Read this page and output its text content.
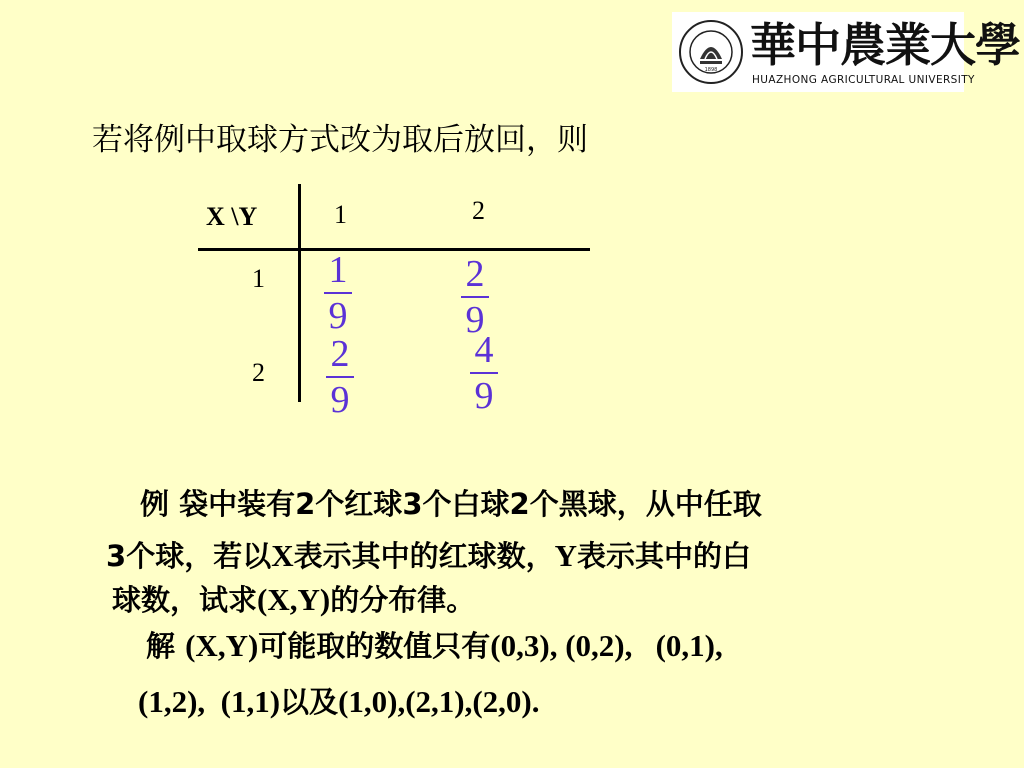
1898 華中農業大學
HUAZHONG AGRICULTURAL UNIVERSITY
若将例中取球方式改为取后放回，则
X \Y	1	2
1
2
1
9
2
9
2
9
4
9
例 袋中装有2个红球3个白球2个黑球，从中任取
3个球，若以X表示其中的红球数，Y表示其中的白
球数，试求(X,Y)的分布律。
解 (X,Y)可能取的数值只有(0,3), (0,2),   (0,1),
(1,2),  (1,1)以及(1,0),(2,1),(2,0).
